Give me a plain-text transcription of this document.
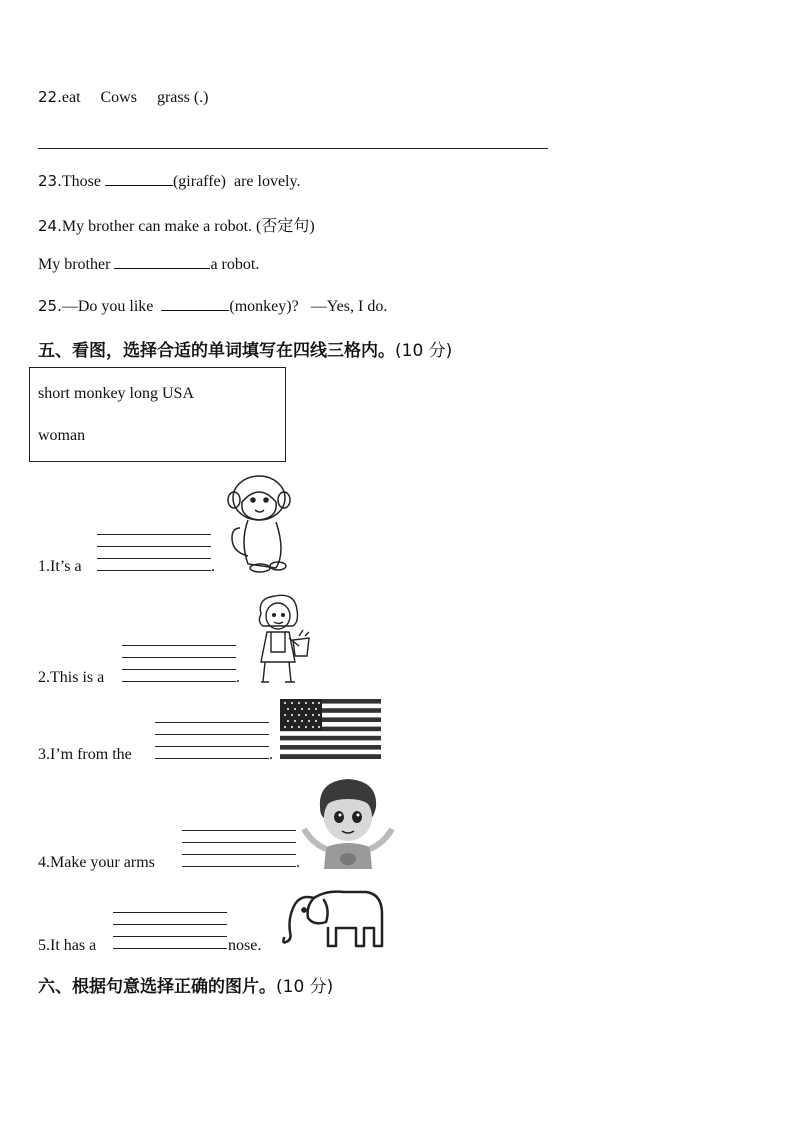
22.eat     Cows     grass (.)
23.Those	(giraffe)  are lovely.
24.My brother can make a robot. (否定句)
My brother	a robot.
25.—Do you like	(monkey)?   —Yes, I do.
五、看图，选择合适的单词填写在四线三格内。(10 分)
short monkey long USA
woman
1.It’s a	.
2.This is a	.
3.I’m from the	.
4.Make your arms	.
5.It has a	nose.
六、根据句意选择正确的图片。(10 分)
